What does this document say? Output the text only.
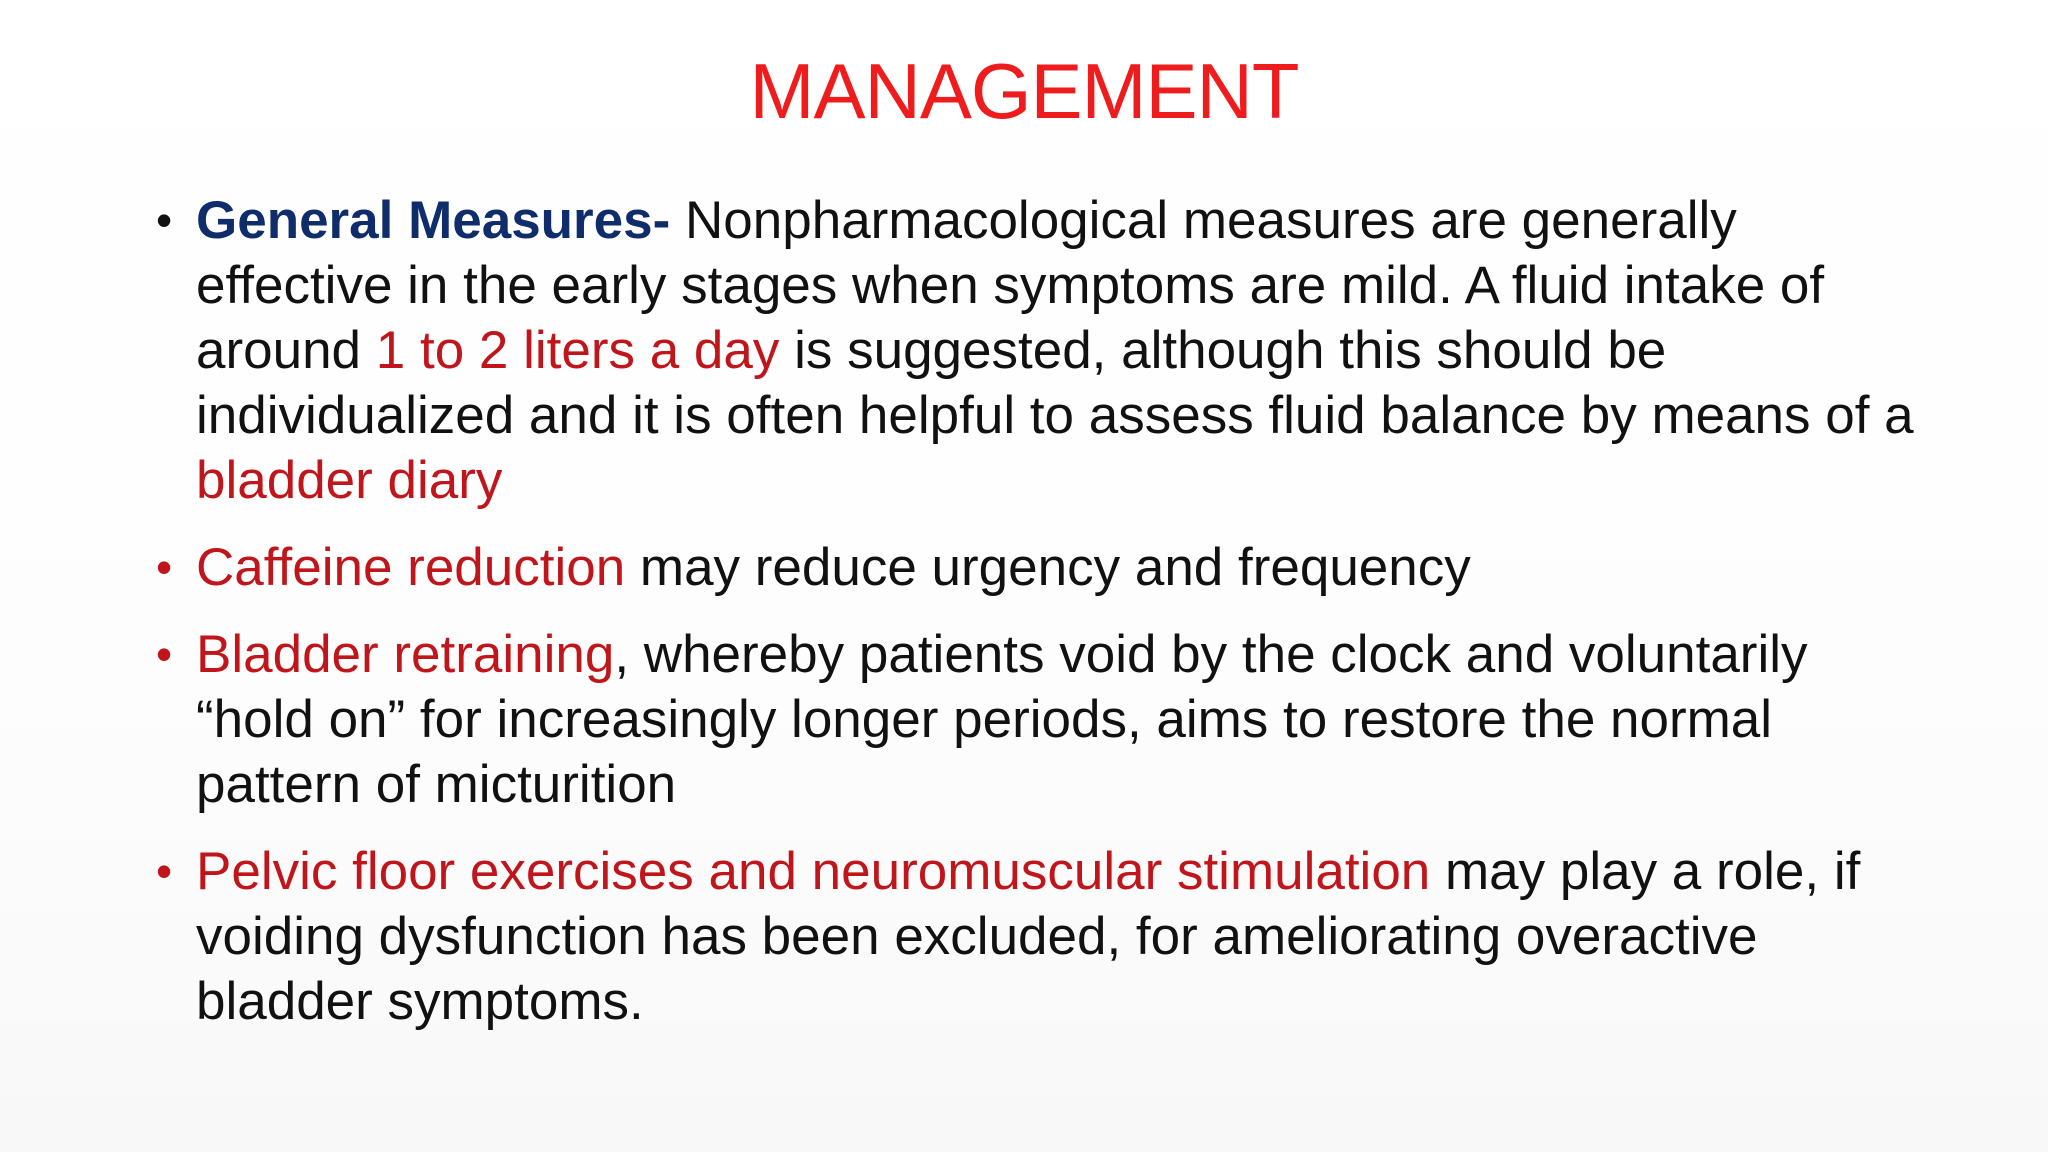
MANAGEMENT
• General Measures- Nonpharmacological measures are generally effective in the early stages when symptoms are mild. A fluid intake of around 1 to 2 liters a day is suggested, although this should be individualized and it is often helpful to assess fluid balance by means of a bladder diary
• Caffeine reduction may reduce urgency and frequency
• Bladder retraining, whereby patients void by the clock and voluntarily “hold on” for increasingly longer periods, aims to restore the normal pattern of micturition
• Pelvic floor exercises and neuromuscular stimulation may play a role, if voiding dysfunction has been excluded, for ameliorating overactive bladder symptoms.
